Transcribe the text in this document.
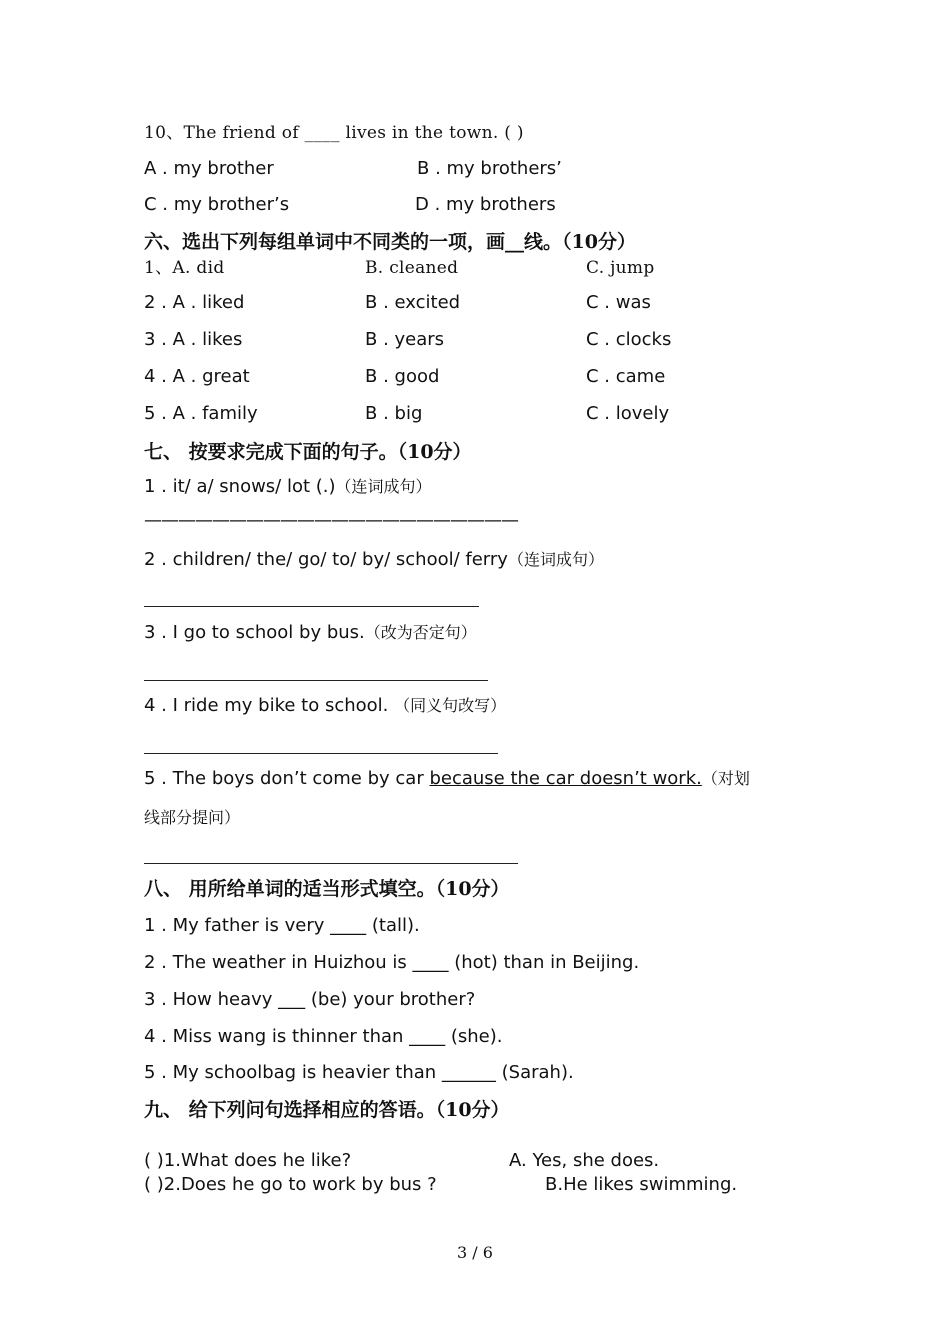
10、The friend of ____ lives in the town. ( )
A . my brother	B . my brothers’
C . my brother’s	D . my brothers
六、选出下列每组单词中不同类的一项，画__线。（10分）
1、A. did	B. cleaned	C. jump
2 . A . liked	B . excited	C . was
3 . A . likes	B . years	C . clocks
4 . A . great	B . good	C . came
5 . A . family	B . big	C . lovely
七、 按要求完成下面的句子。（10分）
1 . it/ a/ snows/ lot (.)（连词成句）
——————————————————————
2 . children/ the/ go/ to/ by/ school/ ferry（连词成句）
3 . I go to school by bus.（改为否定句）
4 . I ride my bike to school. （同义句改写）
5 . The boys don’t come by car because the car doesn’t work.（对划
线部分提问）
八、 用所给单词的适当形式填空。（10分）
1 . My father is very ____ (tall).
2 . The weather in Huizhou is ____ (hot) than in Beijing.
3 . How heavy ___ (be) your brother?
4 . Miss wang is thinner than ____ (she).
5 . My schoolbag is heavier than ______ (Sarah).
九、 给下列问句选择相应的答语。（10分）
( )1.What does he like?	A. Yes, she does.
( )2.Does he go to work by bus ?	B.He likes swimming.
3 / 6
